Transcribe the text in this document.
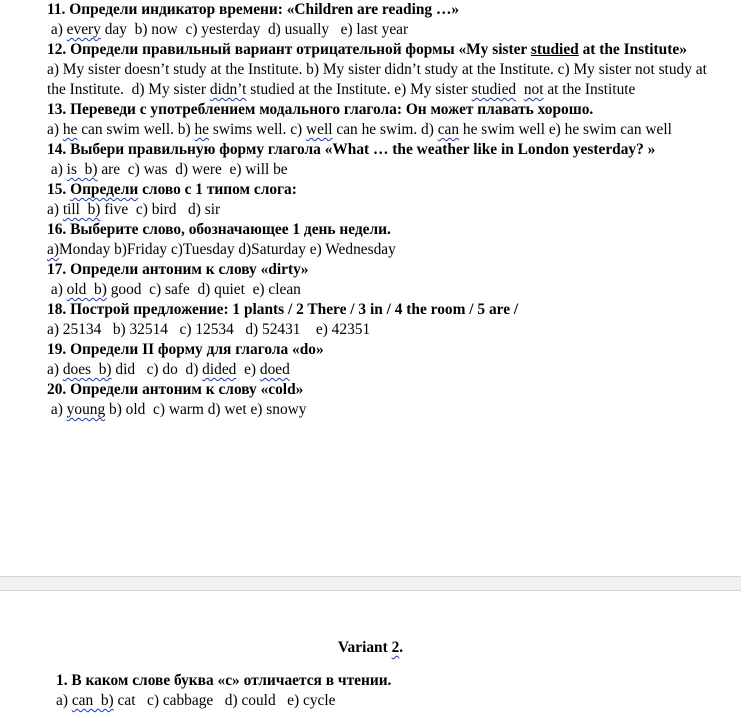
11. Определи индикатор времени: «Children are reading …»
a) every day  b) now  c) yesterday  d) usually   e) last year
12. Определи правильный вариант отрицательной формы «My sister studied at the Institute»
a) My sister doesn’t study at the Institute. b) My sister didn’t study at the Institute. c) My sister not study at the Institute.  d) My sister didn’t studied at the Institute. e) My sister studied not at the Institute
13. Переведи с употреблением модального глагола: Он может плавать хорошо.
a) he can swim well. b) he swims well. c) well can he swim. d) can he swim well e) he swim can well
14. Выбери правильную форму глагола «What … the weather like in London yesterday? »
a) is  b) are  c) was  d) were  e) will be
15. Определи слово с 1 типом слога:
a) till  b) five  c) bird   d) sir
16. Выберите слово, обозначающее 1 день недели.
a)Monday b)Friday c)Tuesday d)Saturday e) Wednesday
17. Определи антоним к слову «dirty»
a) old  b) good  c) safe  d) quiet  e) clean
18. Построй предложение: 1 plants / 2 There / 3 in / 4 the room / 5 are /
a) 25134   b) 32514   c) 12534   d) 52431    e) 42351
19. Определи II форму для глагола «do»
a) does  b) did   c) do  d) dided  e) doed
20. Определи антоним к слову «cold»
a) young b) old  c) warm d) wet e) snowy
Variant 2.
1. В каком слове буква «c» отличается в чтении.
a) can  b) cat   c) cabbage   d) could   e) cycle
